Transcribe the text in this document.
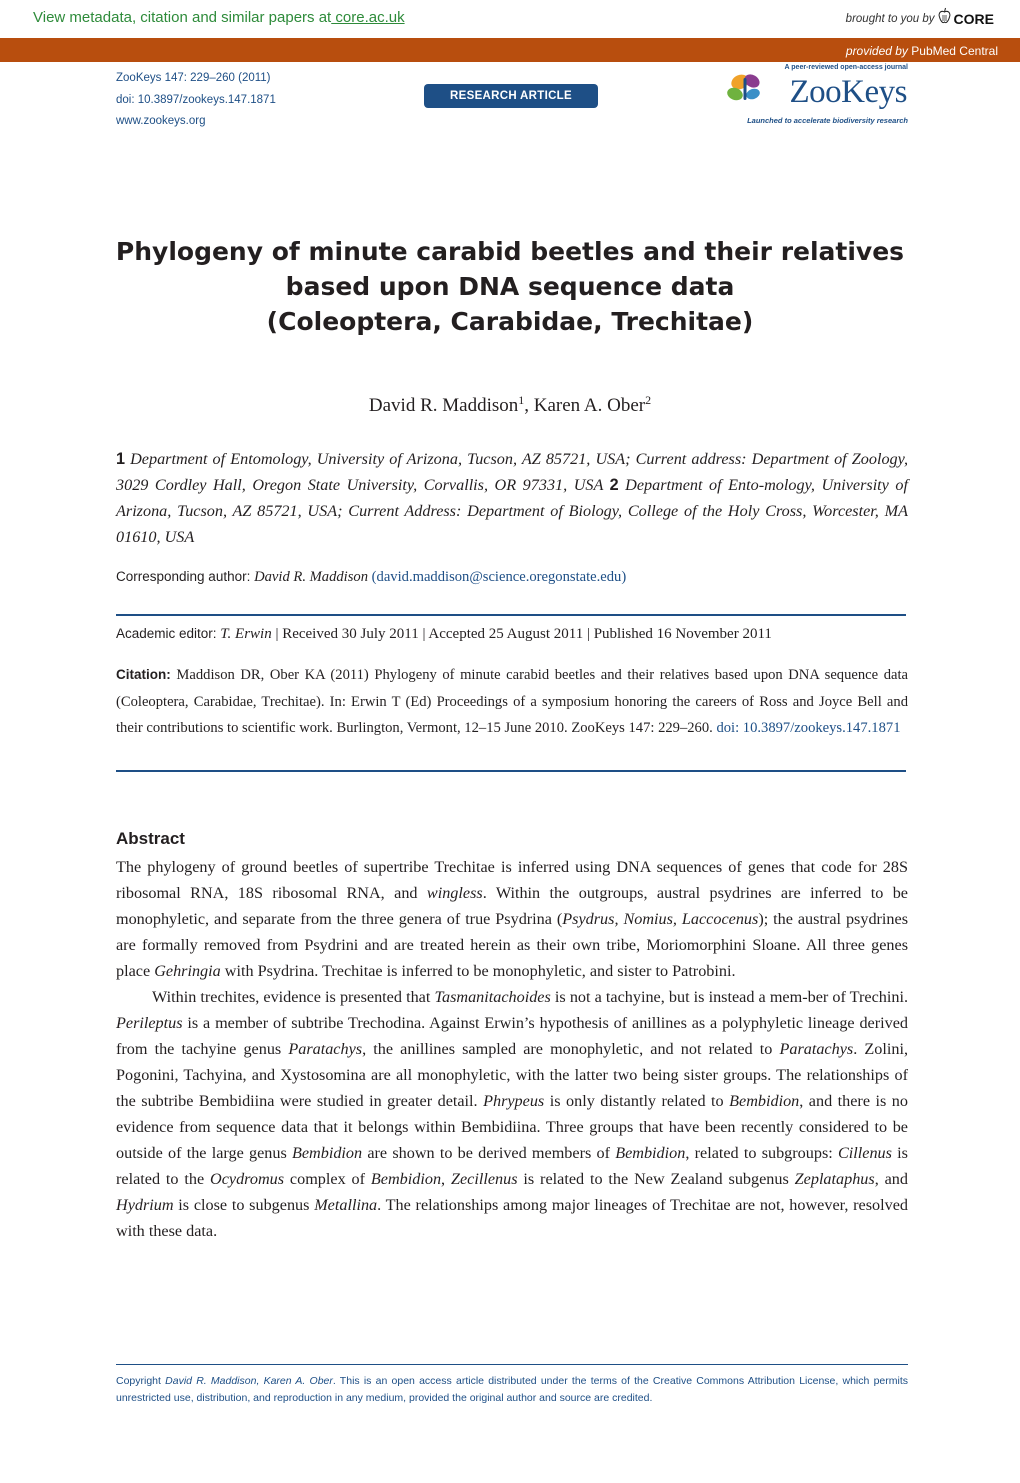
View metadata, citation and similar papers at core.ac.uk	brought to you by CORE
provided by PubMed Central
ZooKeys 147: 229–260 (2011)
doi: 10.3897/zookeys.147.1871
www.zookeys.org
RESEARCH ARTICLE
A peer-reviewed open-access journal
ZooKeys
Launched to accelerate biodiversity research
Phylogeny of minute carabid beetles and their relatives
based upon DNA sequence data
(Coleoptera, Carabidae, Trechitae)
David R. Maddison$^1$, Karen A. Ober$^2$
1 Department of Entomology, University of Arizona, Tucson, AZ 85721, USA; Current address: Department of Zoology, 3029 Cordley Hall, Oregon State University, Corvallis, OR 97331, USA 2 Department of Ento-mology, University of Arizona, Tucson, AZ 85721, USA; Current Address: Department of Biology, College of the Holy Cross, Worcester, MA 01610, USA
Corresponding author: David R. Maddison (david.maddison@science.oregonstate.edu)
Academic editor: T. Erwin | Received 30 July 2011 | Accepted 25 August 2011 | Published 16 November 2011
Citation: Maddison DR, Ober KA (2011) Phylogeny of minute carabid beetles and their relatives based upon DNA sequence data (Coleoptera, Carabidae, Trechitae). In: Erwin T (Ed) Proceedings of a symposium honoring the careers of Ross and Joyce Bell and their contributions to scientific work. Burlington, Vermont, 12–15 June 2010. ZooKeys 147: 229–260. doi: 10.3897/zookeys.147.1871
Abstract

The phylogeny of ground beetles of supertribe Trechitae is inferred using DNA sequences of genes that code for 28S ribosomal RNA, 18S ribosomal RNA, and wingless. Within the outgroups, austral psydrines are inferred to be monophyletic, and separate from the three genera of true Psydrina (Psydrus, Nomius, Laccocenus); the austral psydrines are formally removed from Psydrini and are treated herein as their own tribe, Moriomorphini Sloane. All three genes place Gehringia with Psydrina. Trechitae is inferred to be monophyletic, and sister to Patrobini.

Within trechites, evidence is presented that Tasmanitachoides is not a tachyine, but is instead a mem-ber of Trechini. Perileptus is a member of subtribe Trechodina. Against Erwin’s hypothesis of anillines as a polyphyletic lineage derived from the tachyine genus Paratachys, the anillines sampled are monophyletic, and not related to Paratachys. Zolini, Pogonini, Tachyina, and Xystosomina are all monophyletic, with the latter two being sister groups. The relationships of the subtribe Bembidiina were studied in greater detail. Phrypeus is only distantly related to Bembidion, and there is no evidence from sequence data that it belongs within Bembidiina. Three groups that have been recently considered to be outside of the large genus Bembidion are shown to be derived members of Bembidion, related to subgroups: Cillenus is related to the Ocydromus complex of Bembidion, Zecillenus is related to the New Zealand subgenus Zeplataphus, and Hydrium is close to subgenus Metallina. The relationships among major lineages of Trechitae are not, however, resolved with these data.

Copyright David R. Maddison, Karen A. Ober. This is an open access article distributed under the terms of the Creative Commons Attribution License, which permits unrestricted use, distribution, and reproduction in any medium, provided the original author and source are credited.
